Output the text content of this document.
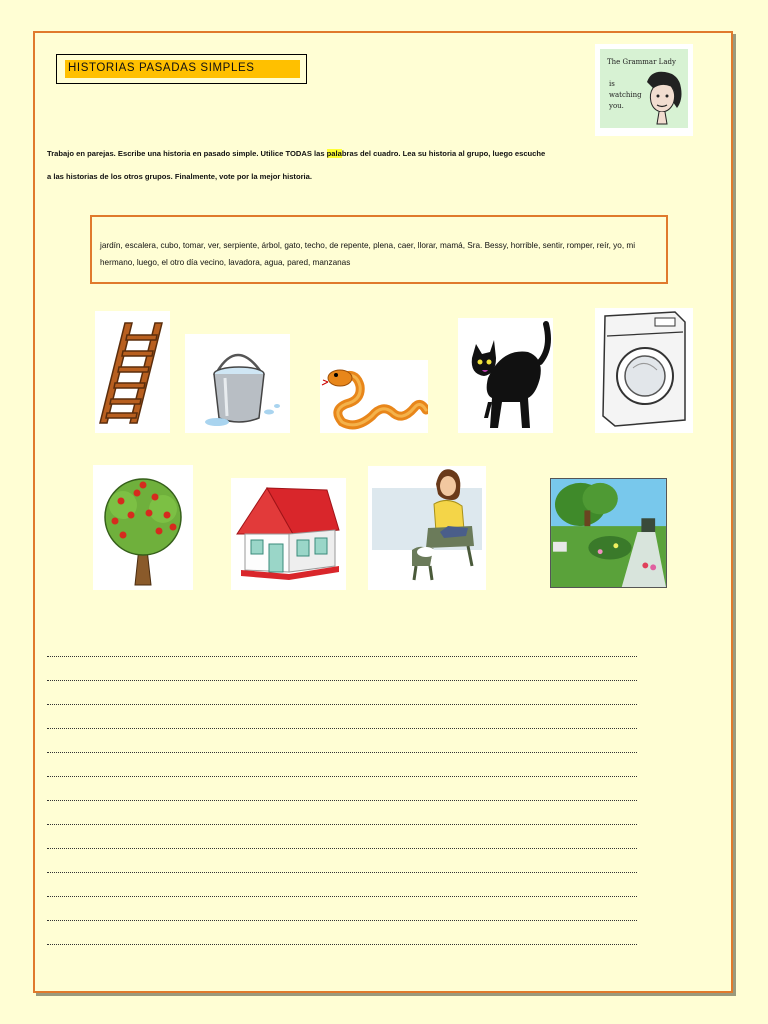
HISTORIAS PASADAS SIMPLES	The Grammar Lady
is watching you.
Trabajo en parejas. Escribe una historia en pasado simple. Utilice TODAS las palabras del cuadro. Lea su historia al grupo, luego escuche
a las historias de los otros grupos. Finalmente, vote por la mejor historia.
jardín, escalera, cubo, tomar, ver, serpiente, árbol, gato, techo, de repente, plena, caer, llorar, mamá, Sra. Bessy, horrible, sentir, romper, reír, yo, mi hermano, luego, el otro día vecino, lavadora, agua, pared, manzanas
